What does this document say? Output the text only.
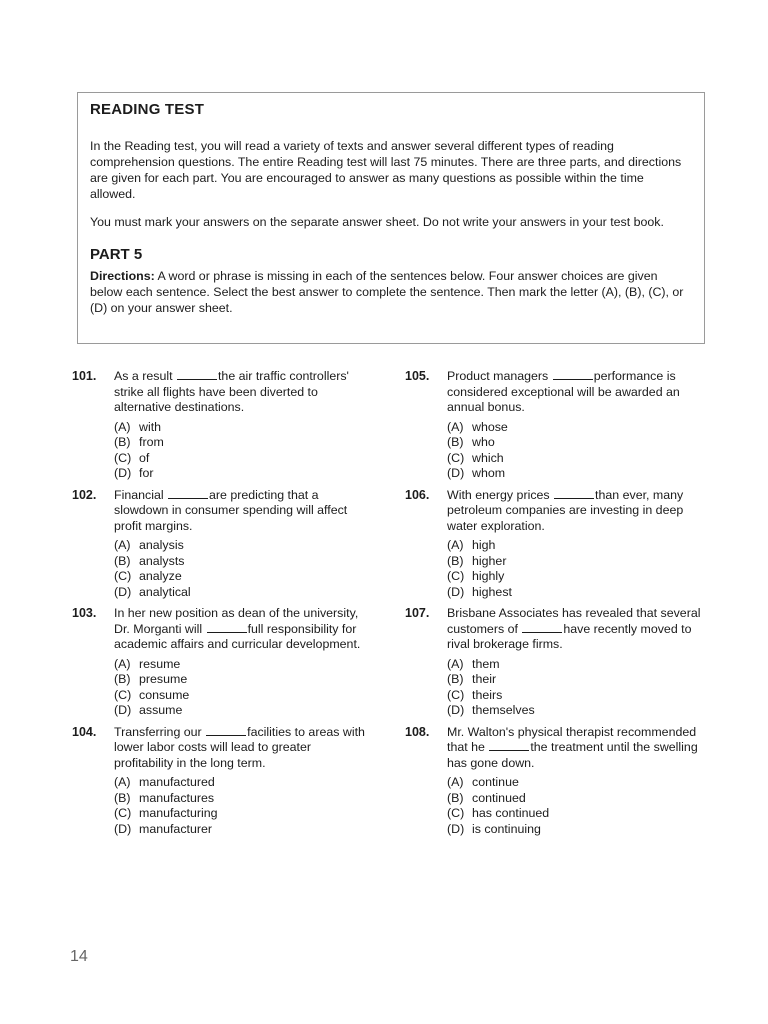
READING TEST

In the Reading test, you will read a variety of texts and answer several different types of reading comprehension questions. The entire Reading test will last 75 minutes. There are three parts, and directions are given for each part. You are encouraged to answer as many questions as possible within the time allowed.

You must mark your answers on the separate answer sheet. Do not write your answers in your test book.

PART 5

Directions: A word or phrase is missing in each of the sentences below. Four answer choices are given below each sentence. Select the best answer to complete the sentence. Then mark the letter (A), (B), (C), or (D) on your answer sheet.

101.	As a result	the air traffic controllers' strike all flights have been diverted to alternative destinations.

(A) with
(B) from
(C) of
(D) for
102.	Financial	are predicting that a slowdown in consumer spending will affect profit margins.

(A) analysis
(B) analysts
(C) analyze
(D) analytical
103.	In her new position as dean of the university, Dr. Morganti will	full responsibility for academic affairs and curricular development.

(A) resume
(B) presume
(C) consume
(D) assume
104.	Transferring our	facilities to areas with lower labor costs will lead to greater profitability in the long term.

(A) manufactured
(B) manufactures
(C) manufacturing
(D) manufacturer
105.	Product managers	performance is considered exceptional will be awarded an annual bonus.

(A) whose
(B) who
(C) which
(D) whom
106.	With energy prices	than ever, many petroleum companies are investing in deep water exploration.

(A) high
(B) higher
(C) highly
(D) highest
107.	Brisbane Associates has revealed that several customers of	have recently moved to rival brokerage firms.

(A) them
(B) their
(C) theirs
(D) themselves
108.	Mr. Walton's physical therapist recommended that he	the treatment until the swelling has gone down.

(A) continue
(B) continued
(C) has continued
(D) is continuing
14
